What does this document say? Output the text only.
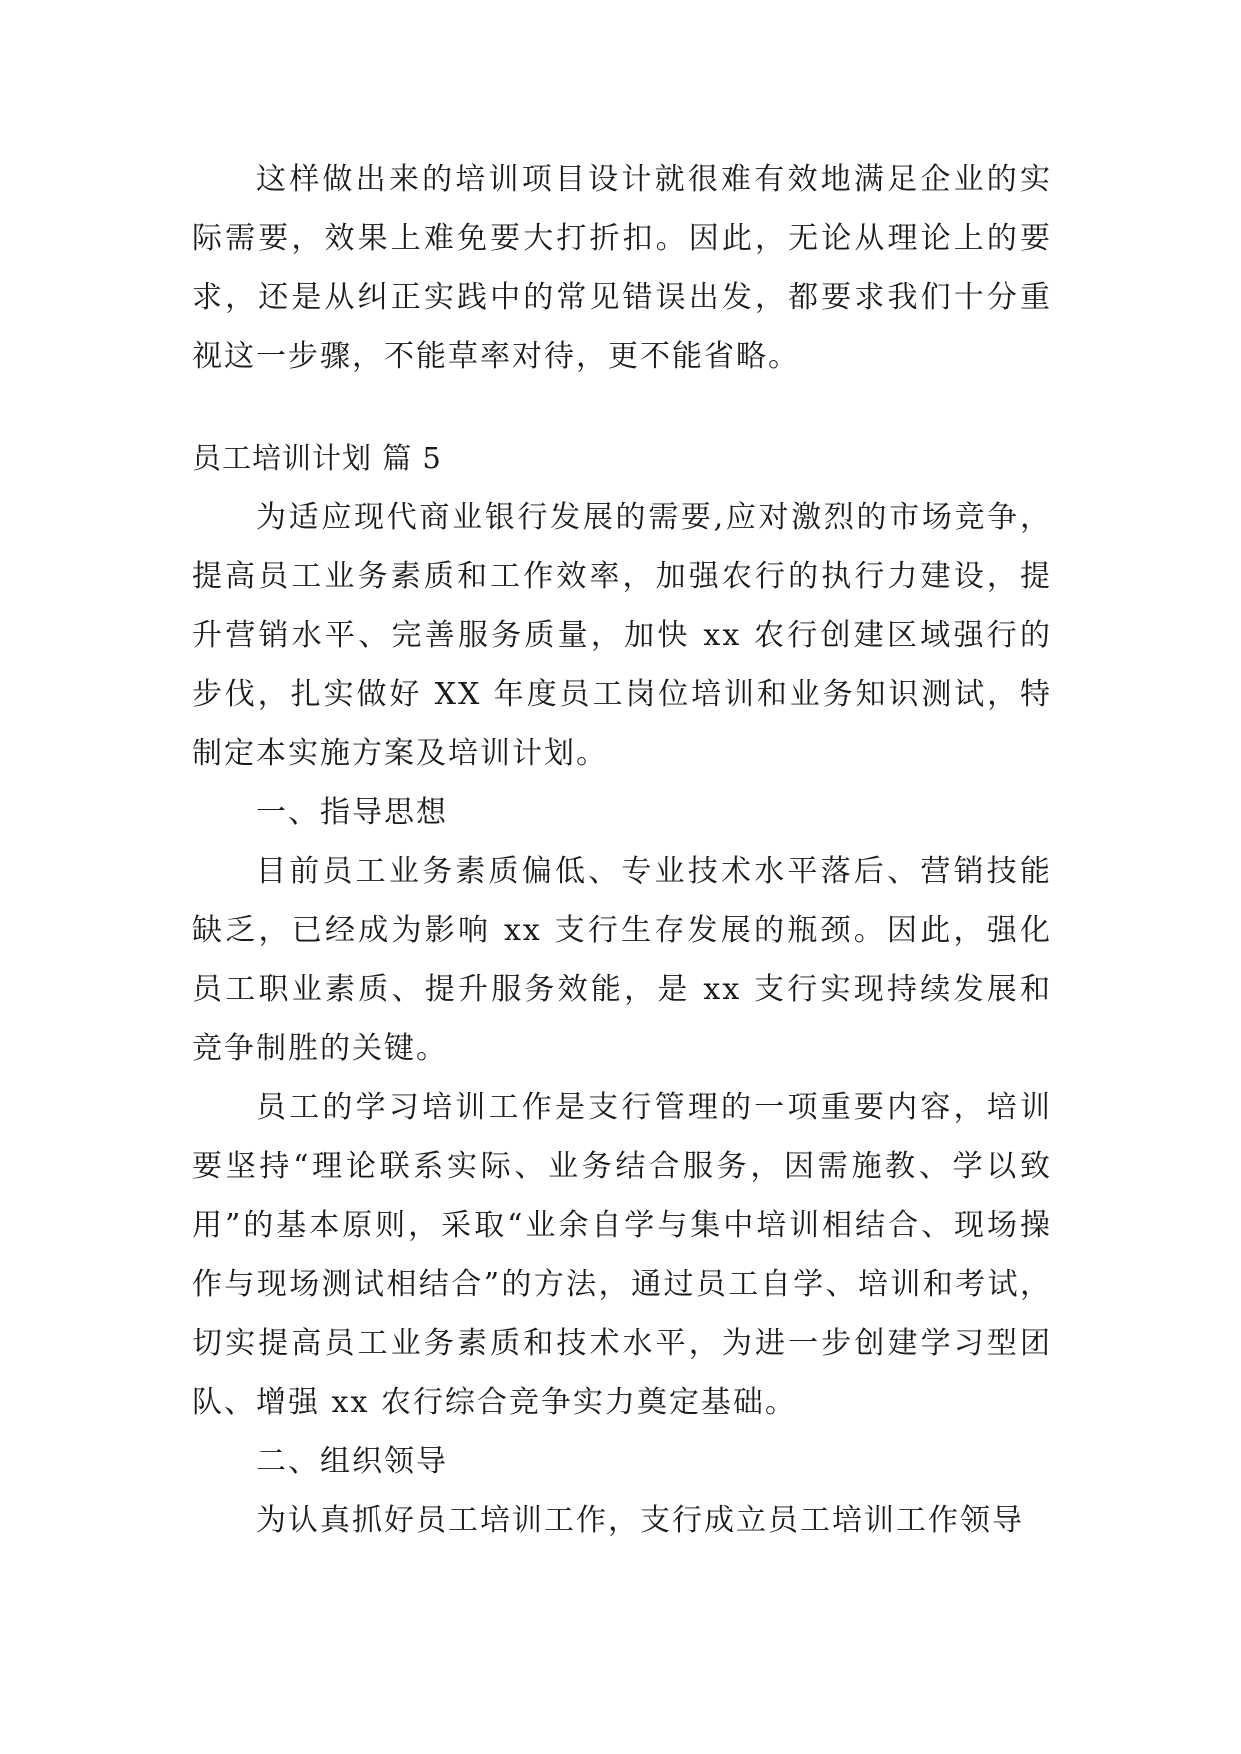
这样做出来的培训项目设计就很难有效地满足企业的实际需要，效果上难免要大打折扣。因此，无论从理论上的要求，还是从纠正实践中的常见错误出发，都要求我们十分重视这一步骤，不能草率对待，更不能省略。

员工培训计划 篇 5

为适应现代商业银行发展的需要,应对激烈的市场竞争，提高员工业务素质和工作效率，加强农行的执行力建设，提升营销水平、完善服务质量，加快 xx 农行创建区域强行的步伐，扎实做好 XX 年度员工岗位培训和业务知识测试，特制定本实施方案及培训计划。

一、指导思想

目前员工业务素质偏低、专业技术水平落后、营销技能缺乏，已经成为影响 xx 支行生存发展的瓶颈。因此，强化员工职业素质、提升服务效能，是 xx 支行实现持续发展和竞争制胜的关键。

员工的学习培训工作是支行管理的一项重要内容，培训要坚持“理论联系实际、业务结合服务，因需施教、学以致用”的基本原则，采取“业余自学与集中培训相结合、现场操作与现场测试相结合”的方法，通过员工自学、培训和考试，切实提高员工业务素质和技术水平，为进一步创建学习型团队、增强 xx 农行综合竞争实力奠定基础。

二、组织领导

为认真抓好员工培训工作，支行成立员工培训工作领导
